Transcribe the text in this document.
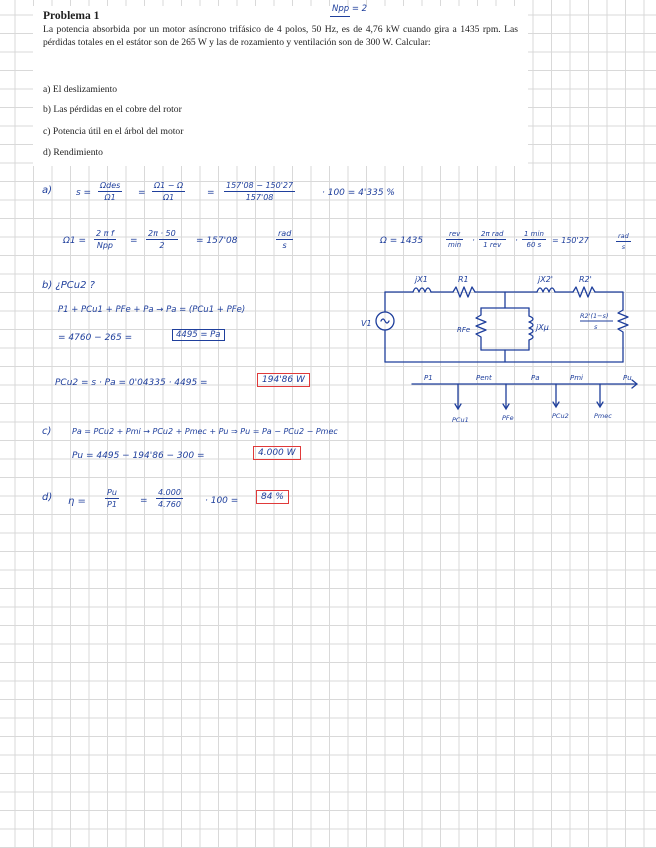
Problema 1

La potencia absorbida por un motor asíncrono trifásico de 4 polos, 50 Hz, es de 4,76 kW cuando gira a 1435 rpm. Las pérdidas totales en el estátor son de 265 W y las de rozamiento y ventilación son de 300 W. Calcular:

a) El deslizamiento

b) Las pérdidas en el cobre del rotor

c) Potencia útil en el árbol del motor

d) Rendimiento

Npp = 2
a)	s =
Ωdes
Ω1 =
Ω1 − Ω
Ω1	=
157'08 − 150'27
157'08	· 100 = 4'335 %
Ω1 =
2 π f
Npp =
2π · 50
2	= 157'08
rad
s	Ω = 1435
rev
min ·
2π rad
1 rev ·
1 min
60 s
= 150'27	rad
s
b) ¿PCu2 ?
P1 + PCu1 + PFe + Pa → Pa = (PCu1 + PFe)
= 4760 − 265 =	4495 = Pa
PCu2 = s · Pa = 0'04335 · 4495 =	194'86 W
c)	Pa = PCu2 + Pmi → PCu2 + Pmec + Pu ⇒ Pu = Pa − PCu2 − Pmec
Pu = 4495 − 194'86 − 300 =	4.000 W
d) η =
Pu
P1	=
4.000
4.760	· 100 =	84 %
V1
jX1	R1	jX2'	R2'
RFe	jXμ
R2'(1−s)
s
P1	Pent	Pa	Pmi	Pu
PCu1	PFe	PCu2	Pmec
